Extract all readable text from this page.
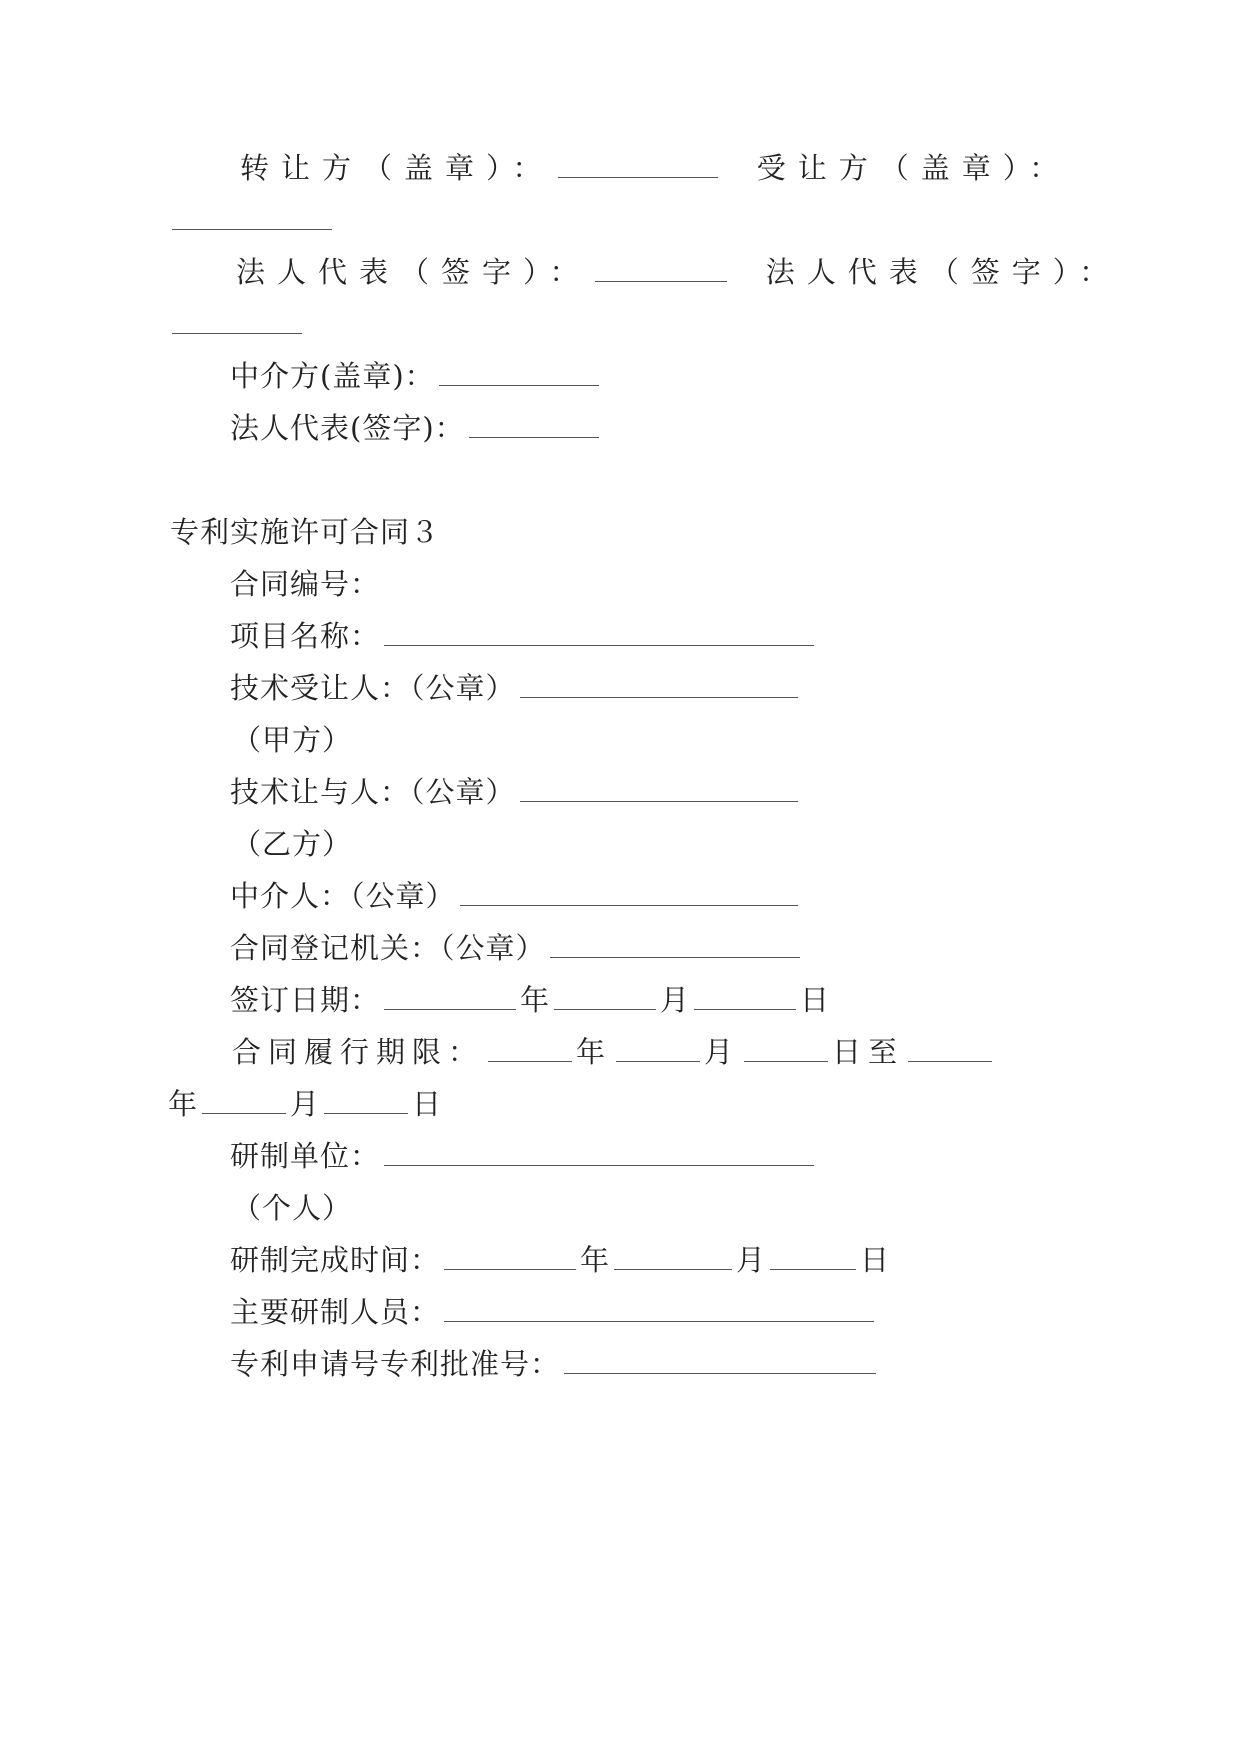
转让方（盖章）：	受让方（盖章）：
法人代表（签字）：	法人代表（签字）：
中介方(盖章)：
法人代表(签字)：
专利实施许可合同３
合同编号：
项目名称：
技术受让人：（公章）
（甲方）
技术让与人：（公章）
（乙方）
中介人：（公章）
合同登记机关：（公章）
签订日期：	年	月	日
合同履行期限：	年	月	日至
年	月	日
研制单位：
（个人）
研制完成时间：	年	月	日
主要研制人员：
专利申请号专利批准号：
